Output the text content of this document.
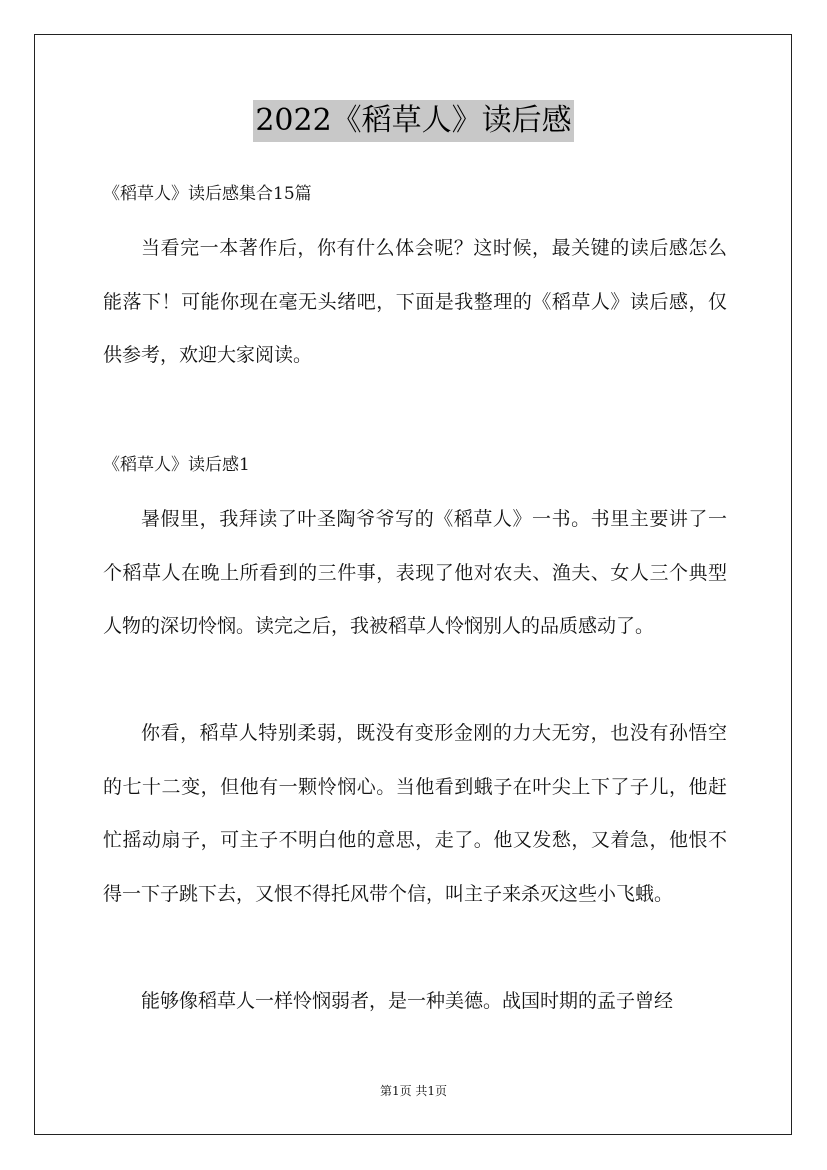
2022《稻草人》读后感
《稻草人》读后感集合15篇

当看完一本著作后，你有什么体会呢？这时候，最关键的读后感怎么能落下！可能你现在毫无头绪吧，下面是我整理的《稻草人》读后感，仅供参考，欢迎大家阅读。

《稻草人》读后感1

暑假里，我拜读了叶圣陶爷爷写的《稻草人》一书。书里主要讲了一个稻草人在晚上所看到的三件事，表现了他对农夫、渔夫、女人三个典型人物的深切怜悯。读完之后，我被稻草人怜悯别人的品质感动了。

你看，稻草人特别柔弱，既没有变形金刚的力大无穷，也没有孙悟空的七十二变，但他有一颗怜悯心。当他看到蛾子在叶尖上下了子儿，他赶忙摇动扇子，可主子不明白他的意思，走了。他又发愁，又着急，他恨不得一下子跳下去，又恨不得托风带个信，叫主子来杀灭这些小飞蛾。

能够像稻草人一样怜悯弱者，是一种美德。战国时期的孟子曾经

第1页 共1页
